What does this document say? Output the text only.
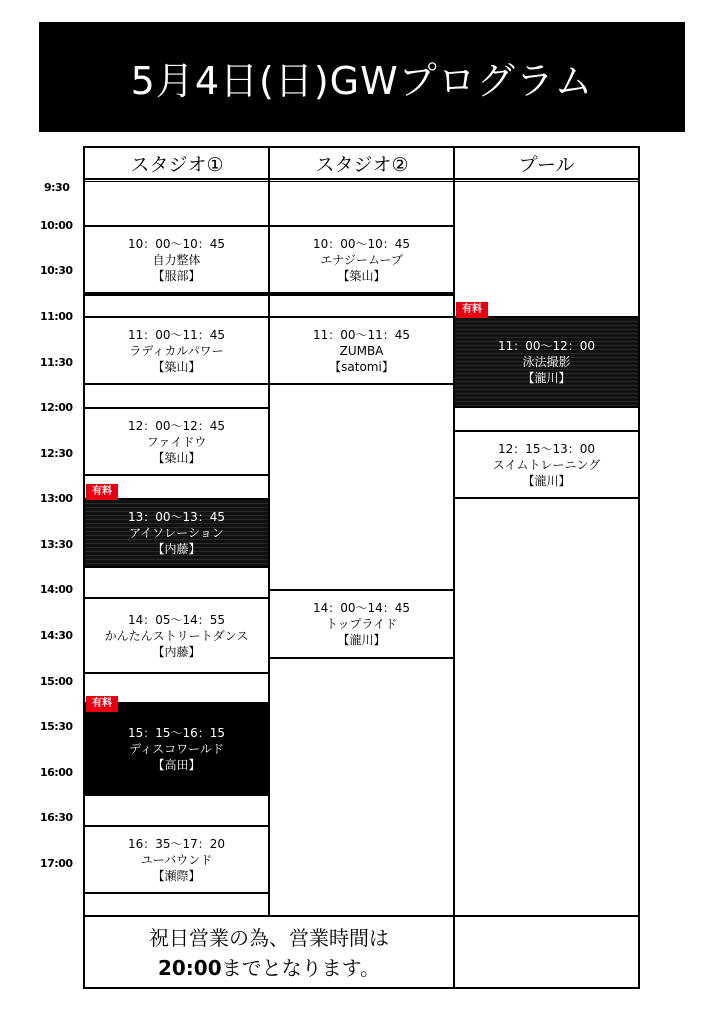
5月4日(日)GWプログラム
スタジオ①	スタジオ②	プール
9:30
10:00
10:30
11:00
11:30
12:00
12:30
13:00
13:30
14:00
14:30
15:00
15:30
16:00
16:30
17:00
10：00〜10：45
自力整体
【服部】
11：00〜11：45
ラディカルパワー
【築山】
12：00〜12：45
ファイドウ
【築山】
13：00〜13：45
アイソレーション
【内藤】
有料
14：05〜14：55
かんたんストリートダンス
【内藤】
15：15〜16：15
ディスコワールド
【高田】
有料
16：35〜17：20
ユーバウンド
【瀬際】
10：00〜10：45
エナジームーブ
【築山】
11：00〜11：45
ZUMBA
【satomi】
14：00〜14：45
トップライド
【瀧川】
11：00〜12：00
泳法撮影
【瀧川】
有料
12：15〜13：00
スイムトレーニング
【瀧川】
祝日営業の為、営業時間は
20:00までとなります。
